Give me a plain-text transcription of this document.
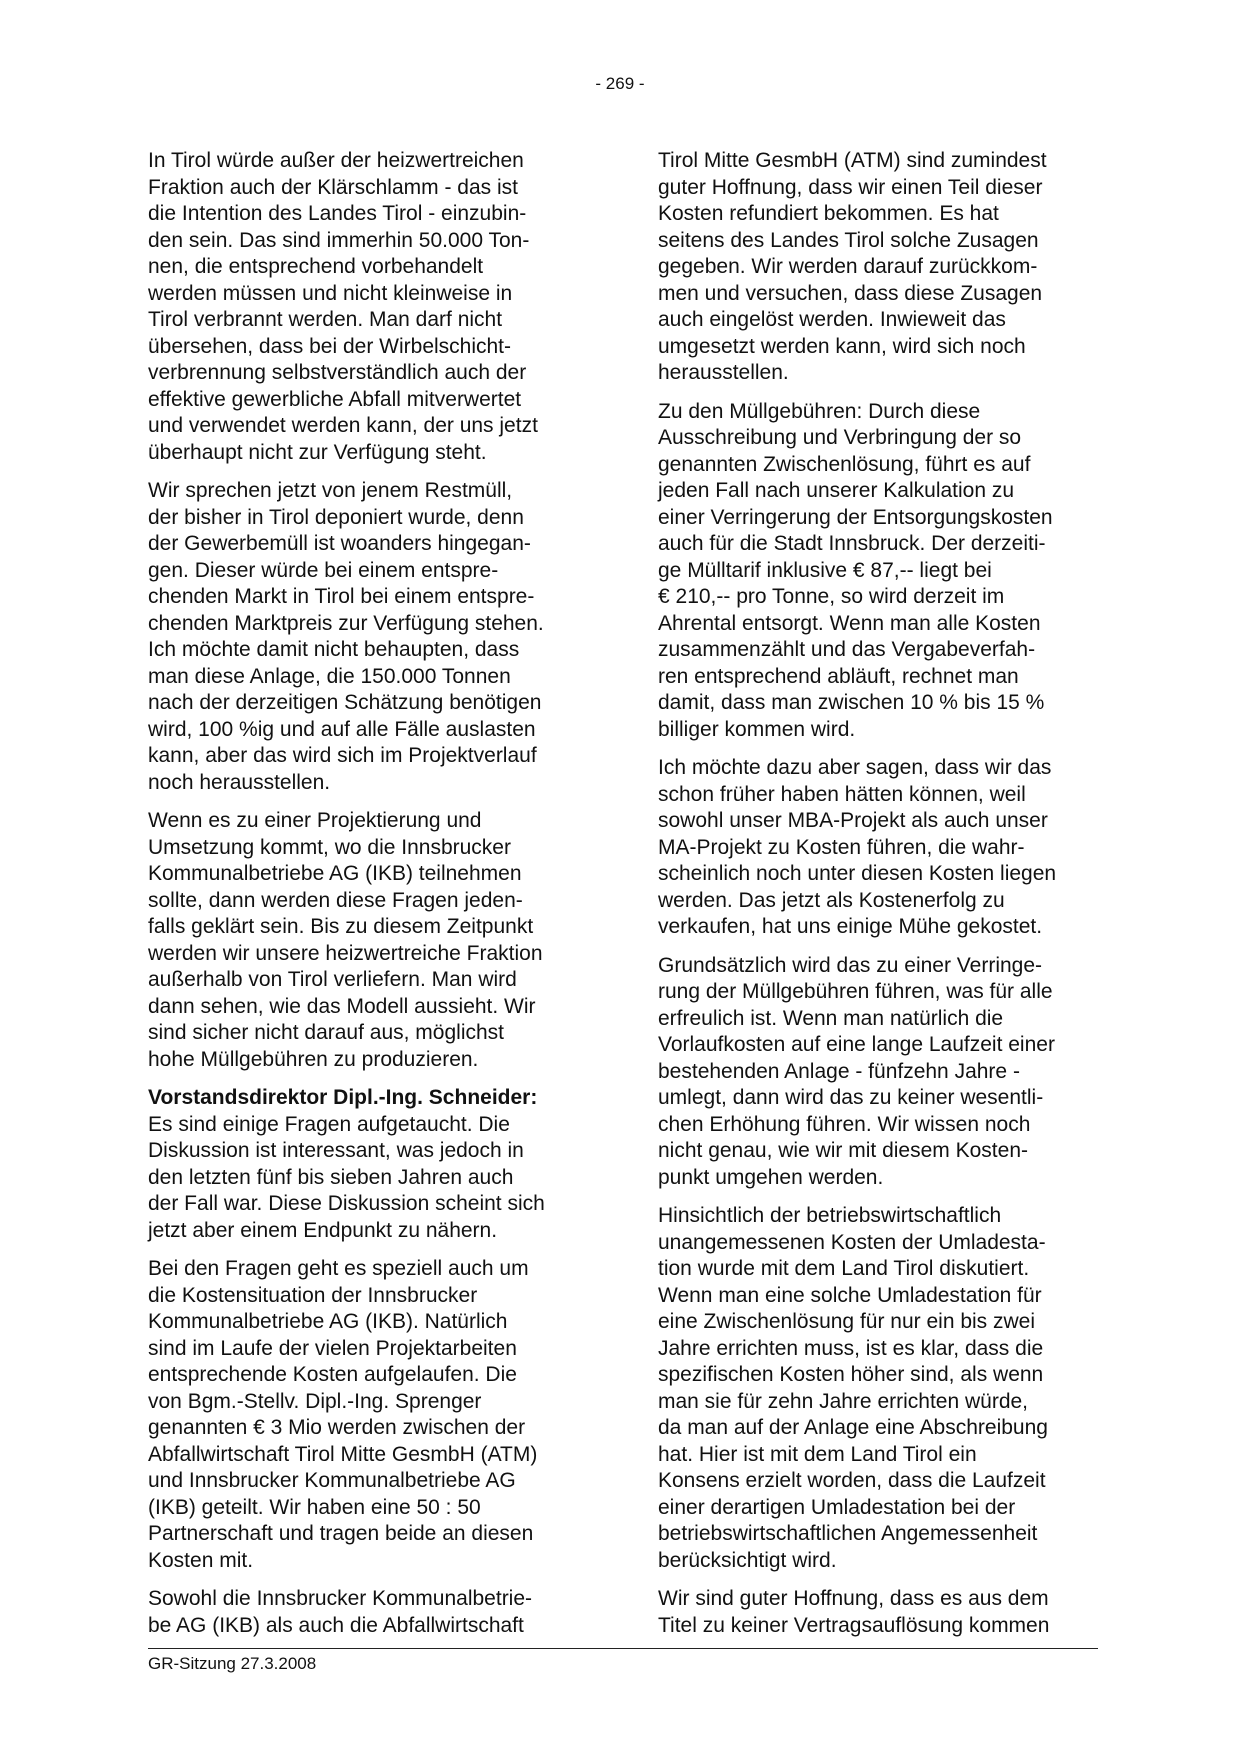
- 269 -
In Tirol würde außer der heizwertreichen
Fraktion auch der Klärschlamm - das ist
die Intention des Landes Tirol - einzubin-
den sein. Das sind immerhin 50.000 Ton-
nen, die entsprechend vorbehandelt
werden müssen und nicht kleinweise in
Tirol verbrannt werden. Man darf nicht
übersehen, dass bei der Wirbelschicht-
verbrennung selbstverständlich auch der
effektive gewerbliche Abfall mitverwertet
und verwendet werden kann, der uns jetzt
überhaupt nicht zur Verfügung steht.
Wir sprechen jetzt von jenem Restmüll,
der bisher in Tirol deponiert wurde, denn
der Gewerbemüll ist woanders hingegan-
gen. Dieser würde bei einem entspre-
chenden Markt in Tirol bei einem entspre-
chenden Marktpreis zur Verfügung stehen.
Ich möchte damit nicht behaupten, dass
man diese Anlage, die 150.000 Tonnen
nach der derzeitigen Schätzung benötigen
wird, 100 %ig und auf alle Fälle auslasten
kann, aber das wird sich im Projektverlauf
noch herausstellen.
Wenn es zu einer Projektierung und
Umsetzung kommt, wo die Innsbrucker
Kommunalbetriebe AG (IKB) teilnehmen
sollte, dann werden diese Fragen jeden-
falls geklärt sein. Bis zu diesem Zeitpunkt
werden wir unsere heizwertreiche Fraktion
außerhalb von Tirol verliefern. Man wird
dann sehen, wie das Modell aussieht. Wir
sind sicher nicht darauf aus, möglichst
hohe Müllgebühren zu produzieren.
Vorstandsdirektor Dipl.-Ing. Schneider:
Es sind einige Fragen aufgetaucht. Die
Diskussion ist interessant, was jedoch in
den letzten fünf bis sieben Jahren auch
der Fall war. Diese Diskussion scheint sich
jetzt aber einem Endpunkt zu nähern.
Bei den Fragen geht es speziell auch um
die Kostensituation der Innsbrucker
Kommunalbetriebe AG (IKB). Natürlich
sind im Laufe der vielen Projektarbeiten
entsprechende Kosten aufgelaufen. Die
von Bgm.-Stellv. Dipl.-Ing. Sprenger
genannten € 3 Mio werden zwischen der
Abfallwirtschaft Tirol Mitte GesmbH (ATM)
und Innsbrucker Kommunalbetriebe AG
(IKB) geteilt. Wir haben eine 50 : 50
Partnerschaft und tragen beide an diesen
Kosten mit.
Sowohl die Innsbrucker Kommunalbetrie-
be AG (IKB) als auch die Abfallwirtschaft
Tirol Mitte GesmbH (ATM) sind zumindest
guter Hoffnung, dass wir einen Teil dieser
Kosten refundiert bekommen. Es hat
seitens des Landes Tirol solche Zusagen
gegeben. Wir werden darauf zurückkom-
men und versuchen, dass diese Zusagen
auch eingelöst werden. Inwieweit das
umgesetzt werden kann, wird sich noch
herausstellen.
Zu den Müllgebühren: Durch diese
Ausschreibung und Verbringung der so
genannten Zwischenlösung, führt es auf
jeden Fall nach unserer Kalkulation zu
einer Verringerung der Entsorgungskosten
auch für die Stadt Innsbruck. Der derzeiti-
ge Mülltarif inklusive € 87,-- liegt bei
€ 210,-- pro Tonne, so wird derzeit im
Ahrental entsorgt. Wenn man alle Kosten
zusammenzählt und das Vergabeverfah-
ren entsprechend abläuft, rechnet man
damit, dass man zwischen 10 % bis 15 %
billiger kommen wird.
Ich möchte dazu aber sagen, dass wir das
schon früher haben hätten können, weil
sowohl unser MBA-Projekt als auch unser
MA-Projekt zu Kosten führen, die wahr-
scheinlich noch unter diesen Kosten liegen
werden. Das jetzt als Kostenerfolg zu
verkaufen, hat uns einige Mühe gekostet.
Grundsätzlich wird das zu einer Verringe-
rung der Müllgebühren führen, was für alle
erfreulich ist. Wenn man natürlich die
Vorlaufkosten auf eine lange Laufzeit einer
bestehenden Anlage - fünfzehn Jahre -
umlegt, dann wird das zu keiner wesentli-
chen Erhöhung führen. Wir wissen noch
nicht genau, wie wir mit diesem Kosten-
punkt umgehen werden.
Hinsichtlich der betriebswirtschaftlich
unangemessenen Kosten der Umladesta-
tion wurde mit dem Land Tirol diskutiert.
Wenn man eine solche Umladestation für
eine Zwischenlösung für nur ein bis zwei
Jahre errichten muss, ist es klar, dass die
spezifischen Kosten höher sind, als wenn
man sie für zehn Jahre errichten würde,
da man auf der Anlage eine Abschreibung
hat. Hier ist mit dem Land Tirol ein
Konsens erzielt worden, dass die Laufzeit
einer derartigen Umladestation bei der
betriebswirtschaftlichen Angemessenheit
berücksichtigt wird.
Wir sind guter Hoffnung, dass es aus dem
Titel zu keiner Vertragsauflösung kommen
GR-Sitzung 27.3.2008
